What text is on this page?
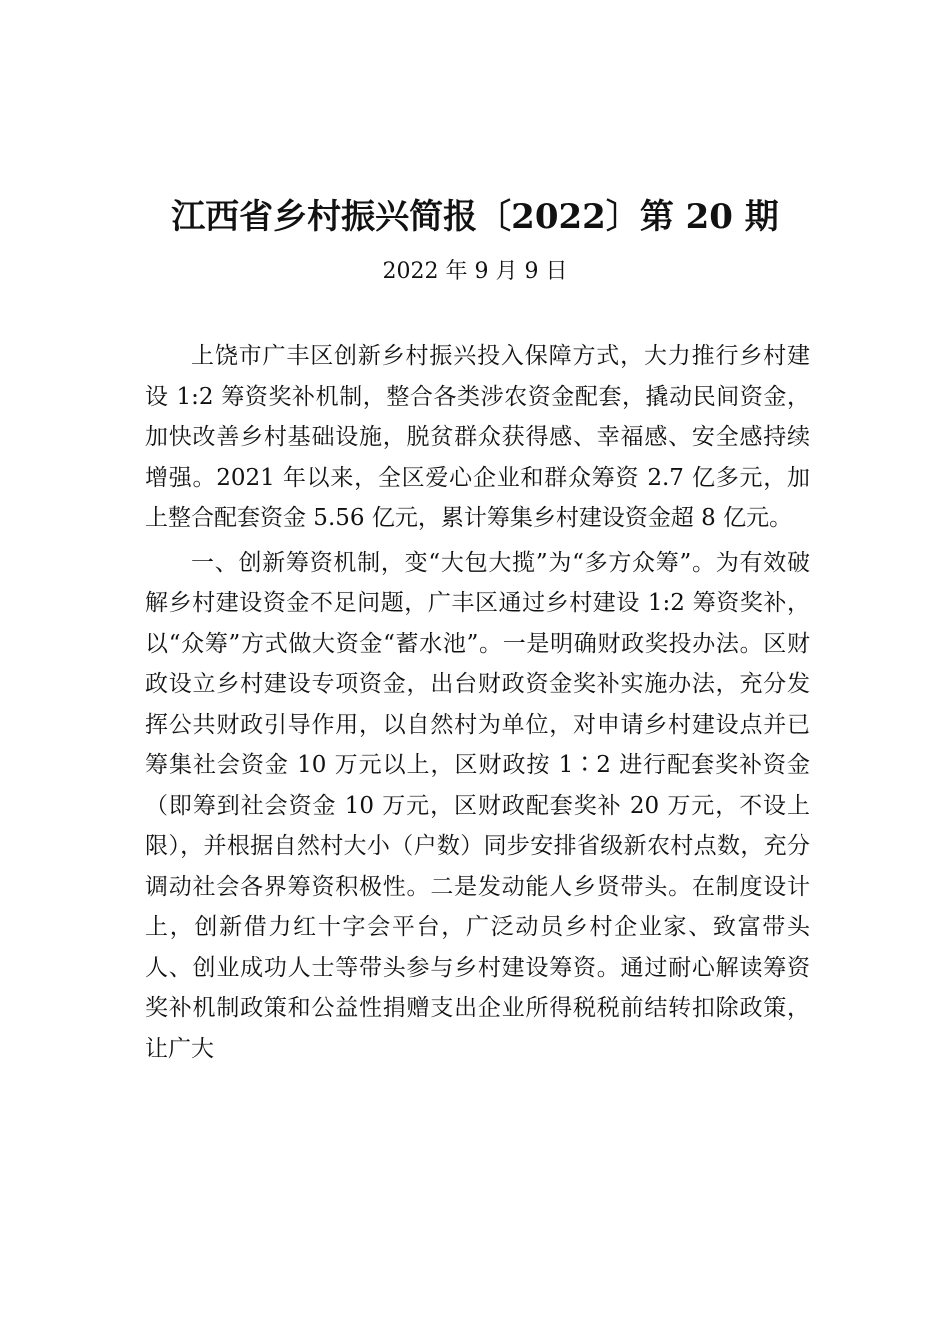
江西省乡村振兴简报〔2022〕第 20 期
2022 年 9 月 9 日

上饶市广丰区创新乡村振兴投入保障方式，大力推行乡村建设 1:2 筹资奖补机制，整合各类涉农资金配套，撬动民间资金，加快改善乡村基础设施，脱贫群众获得感、幸福感、安全感持续增强。2021 年以来，全区爱心企业和群众筹资 2.7 亿多元，加上整合配套资金 5.56 亿元，累计筹集乡村建设资金超 8 亿元。

一、创新筹资机制，变“大包大揽”为“多方众筹”。为有效破解乡村建设资金不足问题，广丰区通过乡村建设 1:2 筹资奖补，以“众筹”方式做大资金“蓄水池”。一是明确财政奖投办法。区财政设立乡村建设专项资金，出台财政资金奖补实施办法，充分发挥公共财政引导作用，以自然村为单位，对申请乡村建设点并已筹集社会资金 10 万元以上，区财政按 1∶2 进行配套奖补资金（即筹到社会资金 10 万元，区财政配套奖补 20 万元，不设上限），并根据自然村大小（户数）同步安排省级新农村点数，充分调动社会各界筹资积极性。二是发动能人乡贤带头。在制度设计上，创新借力红十字会平台，广泛动员乡村企业家、致富带头人、创业成功人士等带头参与乡村建设筹资。通过耐心解读筹资奖补机制政策和公益性捐赠支出企业所得税税前结转扣除政策，让广大
